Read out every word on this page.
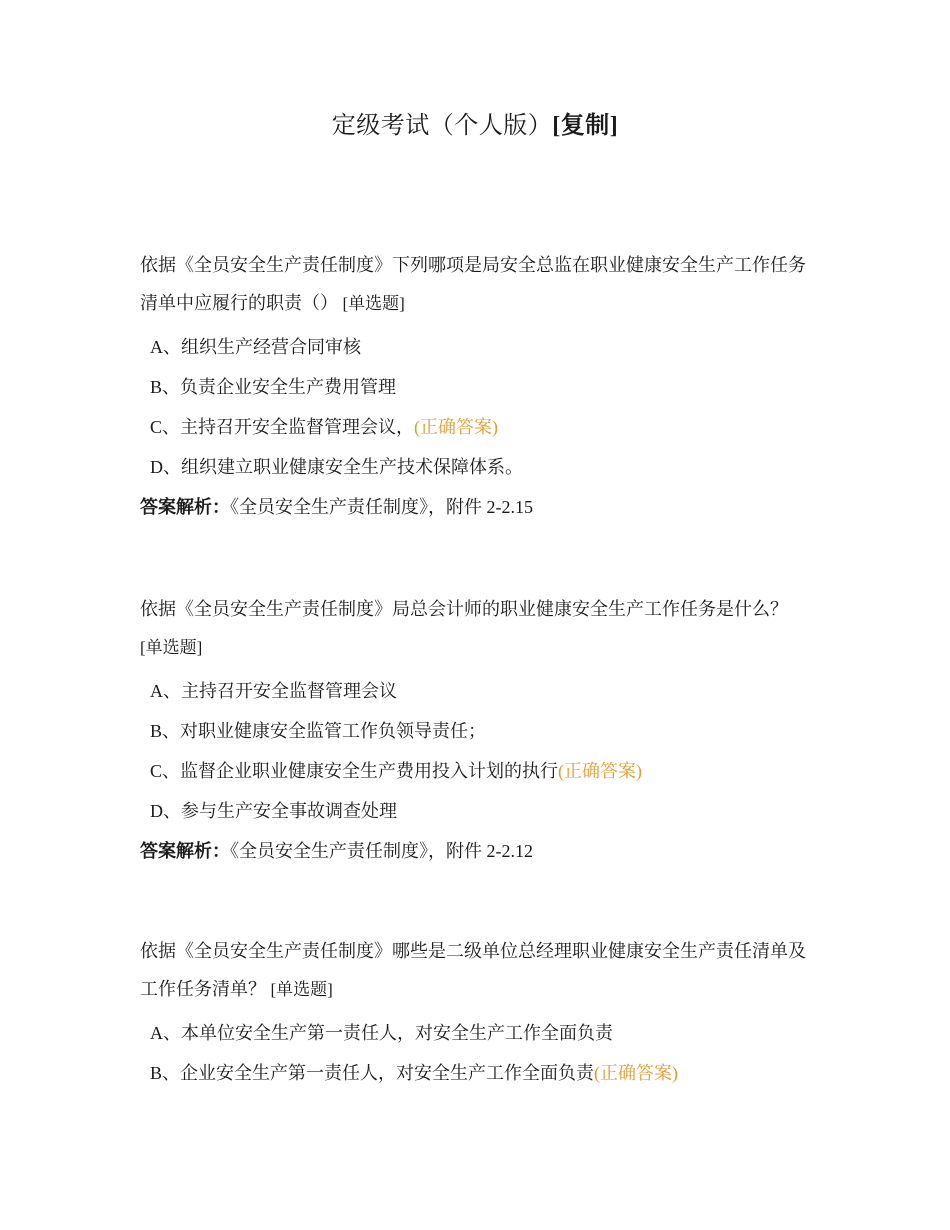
定级考试（个人版）[复制]
依据《全员安全生产责任制度》下列哪项是局安全总监在职业健康安全生产工作任务清单中应履行的职责（） [单选题]
A、组织生产经营合同审核
B、负责企业安全生产费用管理
C、主持召开安全监督管理会议，(正确答案)
D、组织建立职业健康安全生产技术保障体系。
答案解析：《全员安全生产责任制度》，附件 2-2.15
依据《全员安全生产责任制度》局总会计师的职业健康安全生产工作任务是什么？
[单选题]
A、主持召开安全监督管理会议
B、对职业健康安全监管工作负领导责任；
C、监督企业职业健康安全生产费用投入计划的执行(正确答案)
D、参与生产安全事故调查处理
答案解析：《全员安全生产责任制度》，附件 2-2.12
依据《全员安全生产责任制度》哪些是二级单位总经理职业健康安全生产责任清单及工作任务清单？ [单选题]
A、本单位安全生产第一责任人，对安全生产工作全面负责
B、企业安全生产第一责任人，对安全生产工作全面负责(正确答案)
